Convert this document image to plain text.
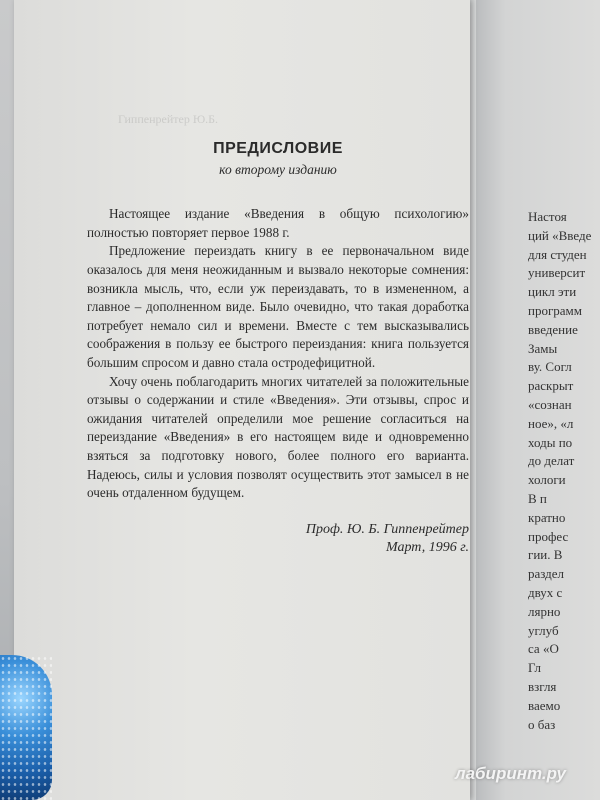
Гиппенрейтер Ю.Б.
ПРЕДИСЛОВИЕ

ко второму изданию

Настоящее издание «Введения в общую психологию» полностью повторяет первое 1988 г.

Предложение переиздать книгу в ее первоначальном виде оказалось для меня неожиданным и вызвало некоторые сомнения: возникла мысль, что, если уж переиздавать, то в измененном, а главное – дополненном виде. Было очевидно, что такая доработка потребует немало сил и времени. Вместе с тем высказывались соображения в пользу ее быстрого переиздания: книга пользуется большим спросом и давно стала остродефицитной.

Хочу очень поблагодарить многих читателей за положительные отзывы о содержании и стиле «Введения». Эти отзывы, спрос и ожидания читателей определили мое решение согласиться на переиздание «Введения» в его настоящем виде и одновременно взяться за подготовку нового, более полного его варианта. Надеюсь, силы и условия позволят осуществить этот замысел в не очень отдаленном будущем.

Проф. Ю. Б. Гиппенрейтер

Март, 1996 г.

Настоя
ций «Введе
для студен
университ
цикл эти
программ
введение
Замы
ву. Согл
раскрыт
«сознан
ное», «л
ходы по
до делат
хологи
В п
кратно
профес
гии. В
раздел
двух с
лярно
углуб
са «О
Гл
взгля
ваемо
о баз
лабиринт.ру
